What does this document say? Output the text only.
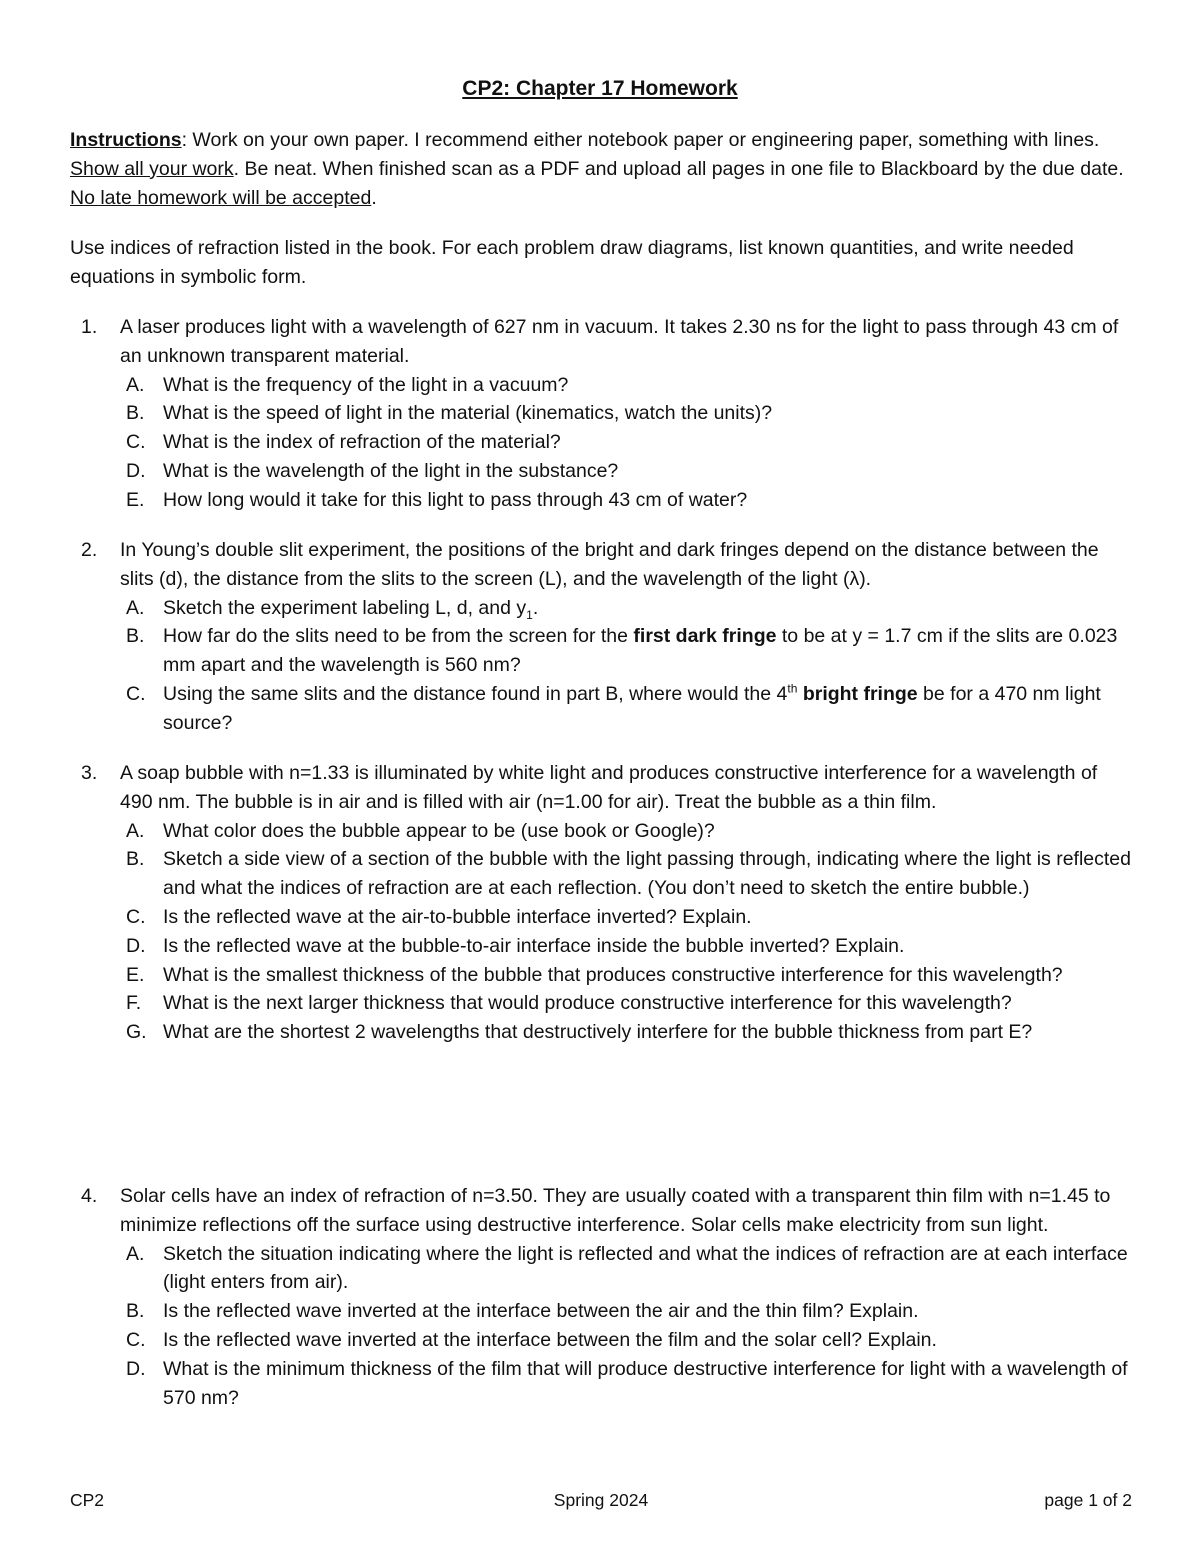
CP2: Chapter 17 Homework
Instructions: Work on your own paper. I recommend either notebook paper or engineering paper, something with lines. Show all your work. Be neat. When finished scan as a PDF and upload all pages in one file to Blackboard by the due date. No late homework will be accepted.
Use indices of refraction listed in the book. For each problem draw diagrams, list known quantities, and write needed equations in symbolic form.
1. A laser produces light with a wavelength of 627 nm in vacuum. It takes 2.30 ns for the light to pass through 43 cm of an unknown transparent material.
A. What is the frequency of the light in a vacuum?
B. What is the speed of light in the material (kinematics, watch the units)?
C. What is the index of refraction of the material?
D. What is the wavelength of the light in the substance?
E. How long would it take for this light to pass through 43 cm of water?
2. In Young’s double slit experiment, the positions of the bright and dark fringes depend on the distance between the slits (d), the distance from the slits to the screen (L), and the wavelength of the light (λ).
A. Sketch the experiment labeling L, d, and $y_1$.
B. How far do the slits need to be from the screen for the first dark fringe to be at y = 1.7 cm if the slits are 0.023 mm apart and the wavelength is 560 nm?
C. Using the same slits and the distance found in part B, where would the 4th bright fringe be for a 470 nm light source?
3. A soap bubble with n=1.33 is illuminated by white light and produces constructive interference for a wavelength of 490 nm. The bubble is in air and is filled with air (n=1.00 for air). Treat the bubble as a thin film.
A. What color does the bubble appear to be (use book or Google)?
B. Sketch a side view of a section of the bubble with the light passing through, indicating where the light is reflected and what the indices of refraction are at each reflection. (You don’t need to sketch the entire bubble.)
C. Is the reflected wave at the air-to-bubble interface inverted? Explain.
D. Is the reflected wave at the bubble-to-air interface inside the bubble inverted? Explain.
E. What is the smallest thickness of the bubble that produces constructive interference for this wavelength?
F. What is the next larger thickness that would produce constructive interference for this wavelength?
G. What are the shortest 2 wavelengths that destructively interfere for the bubble thickness from part E?
4. Solar cells have an index of refraction of n=3.50. They are usually coated with a transparent thin film with n=1.45 to minimize reflections off the surface using destructive interference. Solar cells make electricity from sun light.
A. Sketch the situation indicating where the light is reflected and what the indices of refraction are at each interface (light enters from air).
B. Is the reflected wave inverted at the interface between the air and the thin film? Explain.
C. Is the reflected wave inverted at the interface between the film and the solar cell? Explain.
D. What is the minimum thickness of the film that will produce destructive interference for light with a wavelength of 570 nm?
CP2	Spring 2024	page 1 of 2
